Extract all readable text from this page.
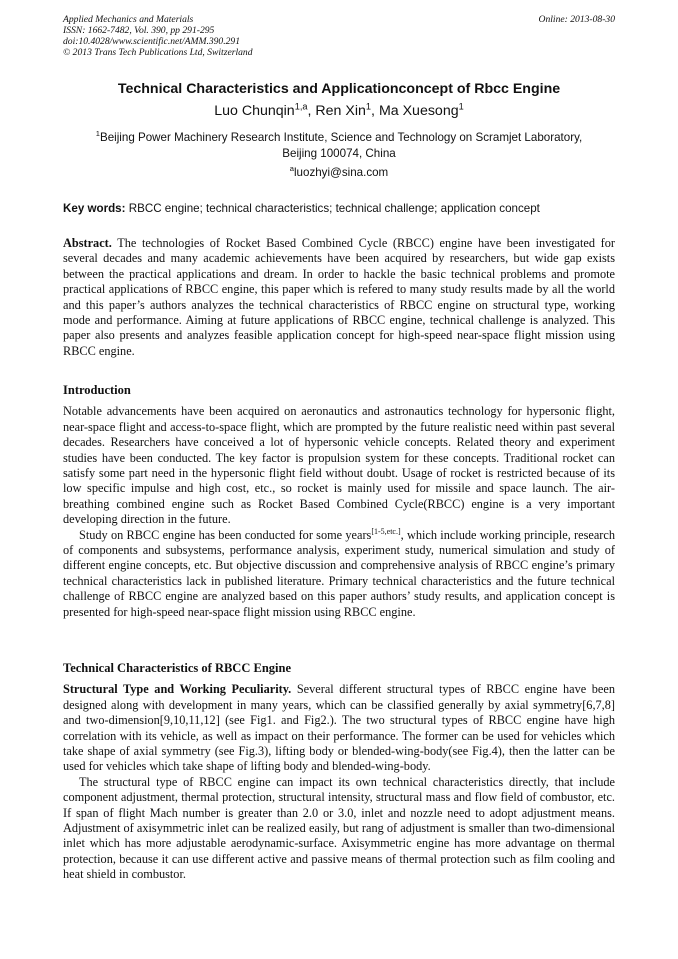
Applied Mechanics and Materials
ISSN: 1662-7482, Vol. 390, pp 291-295
doi:10.4028/www.scientific.net/AMM.390.291
© 2013 Trans Tech Publications Ltd, Switzerland
Online: 2013-08-30
Technical Characteristics and Applicationconcept of Rbcc Engine
Luo Chunqin$^{1,a}$, Ren Xin$^1$, Ma Xuesong$^1$
$^1$Beijing Power Machinery Research Institute, Science and Technology on Scramjet Laboratory,
Beijing 100074, China
$^a$luozhyi@sina.com
Key words: RBCC engine; technical characteristics; technical challenge; application concept

Abstract. The technologies of Rocket Based Combined Cycle (RBCC) engine have been investigated for several decades and many academic achievements have been acquired by researchers, but wide gap exists between the practical applications and dream. In order to hackle the basic technical problems and promote practical applications of RBCC engine, this paper which is refered to many study results made by all the world and this paper’s authors analyzes the technical characteristics of RBCC engine on structural type, working mode and performance. Aiming at future applications of RBCC engine, technical challenge is analyzed. This paper also presents and analyzes feasible application concept for high-speed near-space flight mission using RBCC engine.

Introduction

Notable advancements have been acquired on aeronautics and astronautics technology for hypersonic flight, near-space flight and access-to-space flight, which are prompted by the future realistic need within past several decades. Researchers have conceived a lot of hypersonic vehicle concepts. Related theory and experiment studies have been conducted. The key factor is propulsion system for these concepts. Traditional rocket can satisfy some part need in the hypersonic flight field without doubt. Usage of rocket is restricted because of its low specific impulse and high cost, etc., so rocket is mainly used for missile and space launch. The air-breathing combined engine such as Rocket Based Combined Cycle(RBCC) engine is a very important developing direction in the future.

Study on RBCC engine has been conducted for some years[1-5,etc.], which include working principle, research of components and subsystems, performance analysis, experiment study, numerical simulation and study of different engine concepts, etc. But objective discussion and comprehensive analysis of RBCC engine’s primary technical characteristics lack in published literature. Primary technical characteristics and the future technical challenge of RBCC engine are analyzed based on this paper authors’ study results, and application concept is presented for high-speed near-space flight mission using RBCC engine.

Technical Characteristics of RBCC Engine

Structural Type and Working Peculiarity. Several different structural types of RBCC engine have been designed along with development in many years, which can be classified generally by axial symmetry[6,7,8] and two-dimension[9,10,11,12] (see Fig1. and Fig2.). The two structural types of RBCC engine have high correlation with its vehicle, as well as impact on their performance. The former can be used for vehicles which take shape of axial symmetry (see Fig.3), lifting body or blended-wing-body(see Fig.4), then the latter can be used for vehicles which take shape of lifting body and blended-wing-body.

The structural type of RBCC engine can impact its own technical characteristics directly, that include component adjustment, thermal protection, structural intensity, structural mass and flow field of combustor, etc. If span of flight Mach number is greater than 2.0 or 3.0, inlet and nozzle need to adopt adjustment means. Adjustment of axisymmetric inlet can be realized easily, but rang of adjustment is smaller than two-dimensional inlet which has more adjustable aerodynamic-surface. Axisymmetric engine has more advantage on thermal protection, because it can use different active and passive means of thermal protection such as film cooling and heat shield in combustor.
